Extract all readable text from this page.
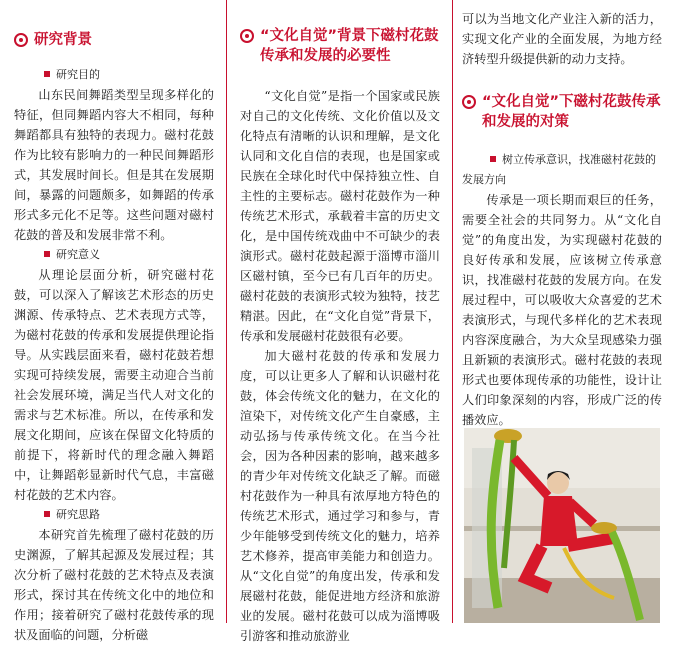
研究背景
研究目的

山东民间舞蹈类型呈现多样化的特征，但同舞蹈内容大不相同，每种舞蹈都具有独特的表现力。磁村花鼓作为比较有影响力的一种民间舞蹈形式，其发展时间长。但是其在发展期间，暴露的问题颇多，如舞蹈的传承形式多元化不足等。这些问题对磁村花鼓的普及和发展非常不利。

研究意义

从理论层面分析，研究磁村花鼓，可以深入了解该艺术形态的历史渊源、传承特点、艺术表现方式等，为磁村花鼓的传承和发展提供理论指导。从实践层面来看，磁村花鼓若想实现可持续发展，需要主动迎合当前社会发展环境，满足当代人对文化的需求与艺术标准。所以，在传承和发展文化期间，应该在保留文化特质的前提下，将新时代的理念融入舞蹈中，让舞蹈彰显新时代气息，丰富磁村花鼓的艺术内容。

研究思路

本研究首先梳理了磁村花鼓的历史渊源，了解其起源及发展过程；其次分析了磁村花鼓的艺术特点及表演形式，探讨其在传统文化中的地位和作用；接着研究了磁村花鼓传承的现状及面临的问题，分析磁

“文化自觉”背景下磁村花鼓传承和发展的必要性

“文化自觉”是指一个国家或民族对自己的文化传统、文化价值以及文化特点有清晰的认识和理解，是文化认同和文化自信的表现，也是国家或民族在全球化时代中保持独立性、自主性的主要标志。磁村花鼓作为一种传统艺术形式，承载着丰富的历史文化，是中国传统戏曲中不可缺少的表演形式。磁村花鼓起源于淄博市淄川区磁村镇，至今已有几百年的历史。磁村花鼓的表演形式较为独特，技艺精湛。因此，在“文化自觉”背景下，传承和发展磁村花鼓很有必要。

加大磁村花鼓的传承和发展力度，可以让更多人了解和认识磁村花鼓，体会传统文化的魅力，在文化的渲染下，对传统文化产生自豪感，主动弘扬与传承传统文化。在当今社会，因为各种因素的影响，越来越多的青少年对传统文化缺乏了解。而磁村花鼓作为一种具有浓厚地方特色的传统艺术形式，通过学习和参与，青少年能够受到传统文化的魅力，培养艺术修养，提高审美能力和创造力。从“文化自觉”的角度出发，传承和发展磁村花鼓，能促进地方经济和旅游业的发展。磁村花鼓可以成为淄博吸引游客和推动旅游业

可以为当地文化产业注入新的活力，实现文化产业的全面发展，为地方经济转型升级提供新的动力支持。

“文化自觉”下磁村花鼓传承和发展的对策
树立传承意识，找准磁村花鼓的发展方向

传承是一项长期而艰巨的任务，需要全社会的共同努力。从“文化自觉”的角度出发，为实现磁村花鼓的良好传承和发展，应该树立传承意识，找准磁村花鼓的发展方向。在发展过程中，可以吸收大众喜爱的艺术表演形式，与现代多样化的艺术表现内容深度融合，为大众呈现感染力强且新颖的表演形式。磁村花鼓的表现形式也要体现传承的功能性，设计让人们印象深刻的内容，形成广泛的传播效应。
